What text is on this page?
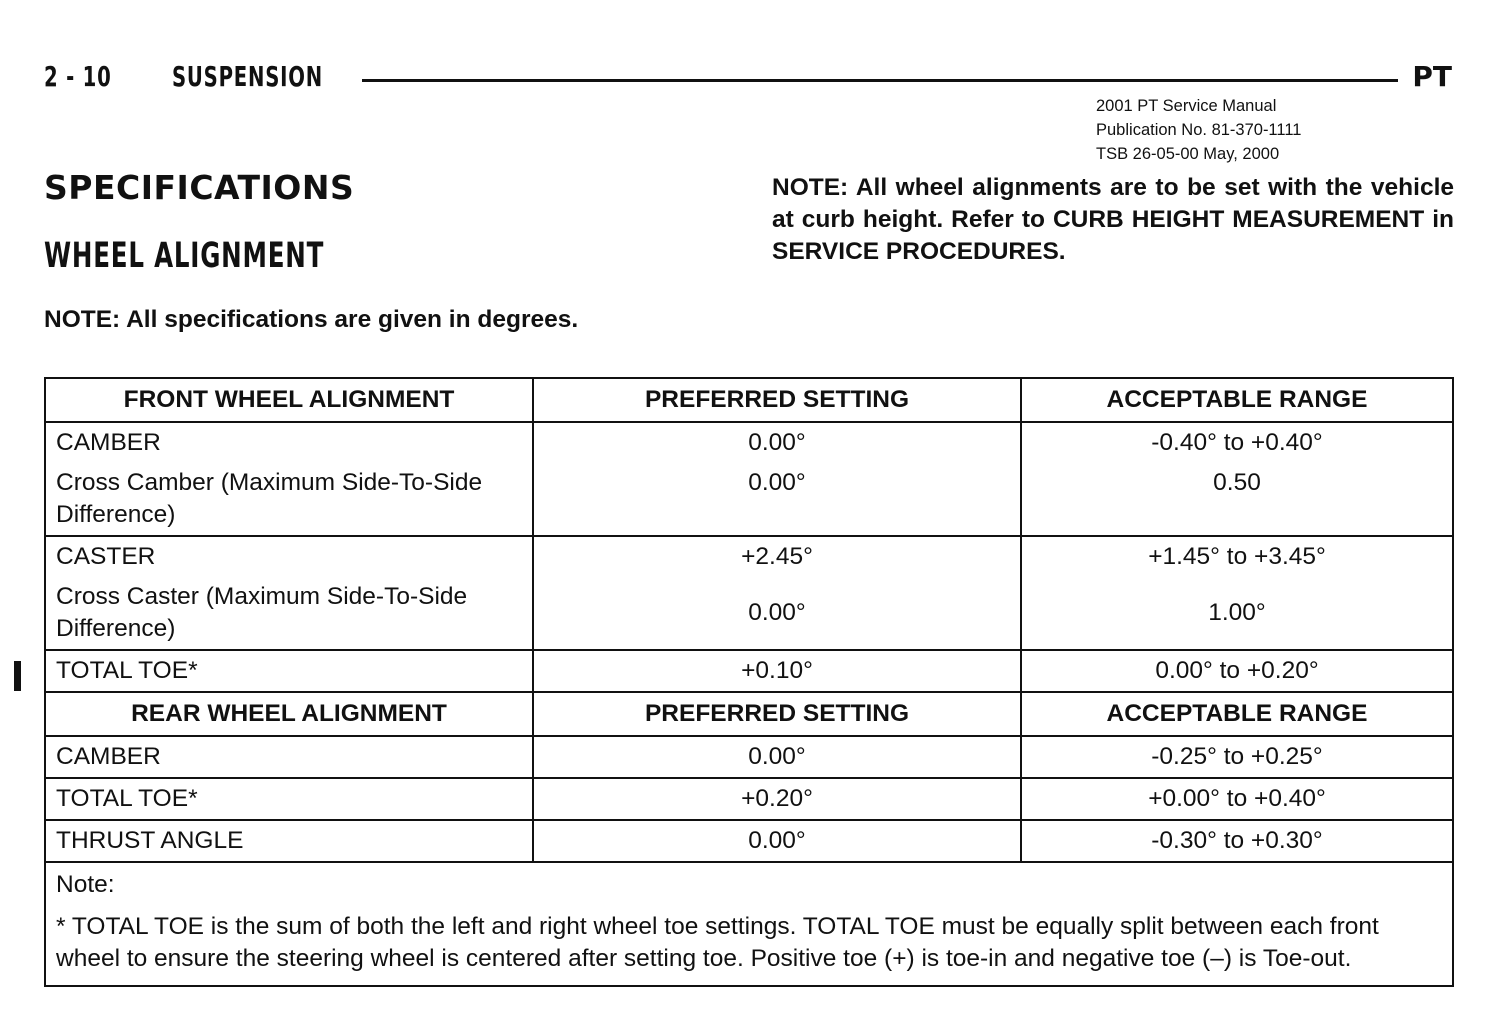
2 - 10 SUSPENSION	PT
2001 PT Service Manual
Publication No. 81-370-1111
TSB 26-05-00 May, 2000
SPECIFICATIONS
WHEEL ALIGNMENT
NOTE: All wheel alignments are to be set with the vehicle at curb height. Refer to CURB HEIGHT MEASUREMENT in SERVICE PROCEDURES.
NOTE: All specifications are given in degrees.
FRONT WHEEL ALIGNMENT	PREFERRED SETTING	ACCEPTABLE RANGE
CAMBER	0.00°	-0.40° to +0.40°
Cross Camber (Maximum Side-To-Side Difference)	0.00°	0.50
CASTER	+2.45°	+1.45° to +3.45°
Cross Caster (Maximum Side-To-Side Difference)	0.00°	1.00°
TOTAL TOE*	+0.10°	0.00° to +0.20°
REAR WHEEL ALIGNMENT	PREFERRED SETTING	ACCEPTABLE RANGE
CAMBER	0.00°	-0.25° to +0.25°
TOTAL TOE*	+0.20°	+0.00° to +0.40°
THRUST ANGLE	0.00°	-0.30° to +0.30°

Note:
* TOTAL TOE is the sum of both the left and right wheel toe settings. TOTAL TOE must be equally split between each front wheel to ensure the steering wheel is centered after setting toe. Positive toe (+) is toe-in and negative toe (–) is Toe-out.		
